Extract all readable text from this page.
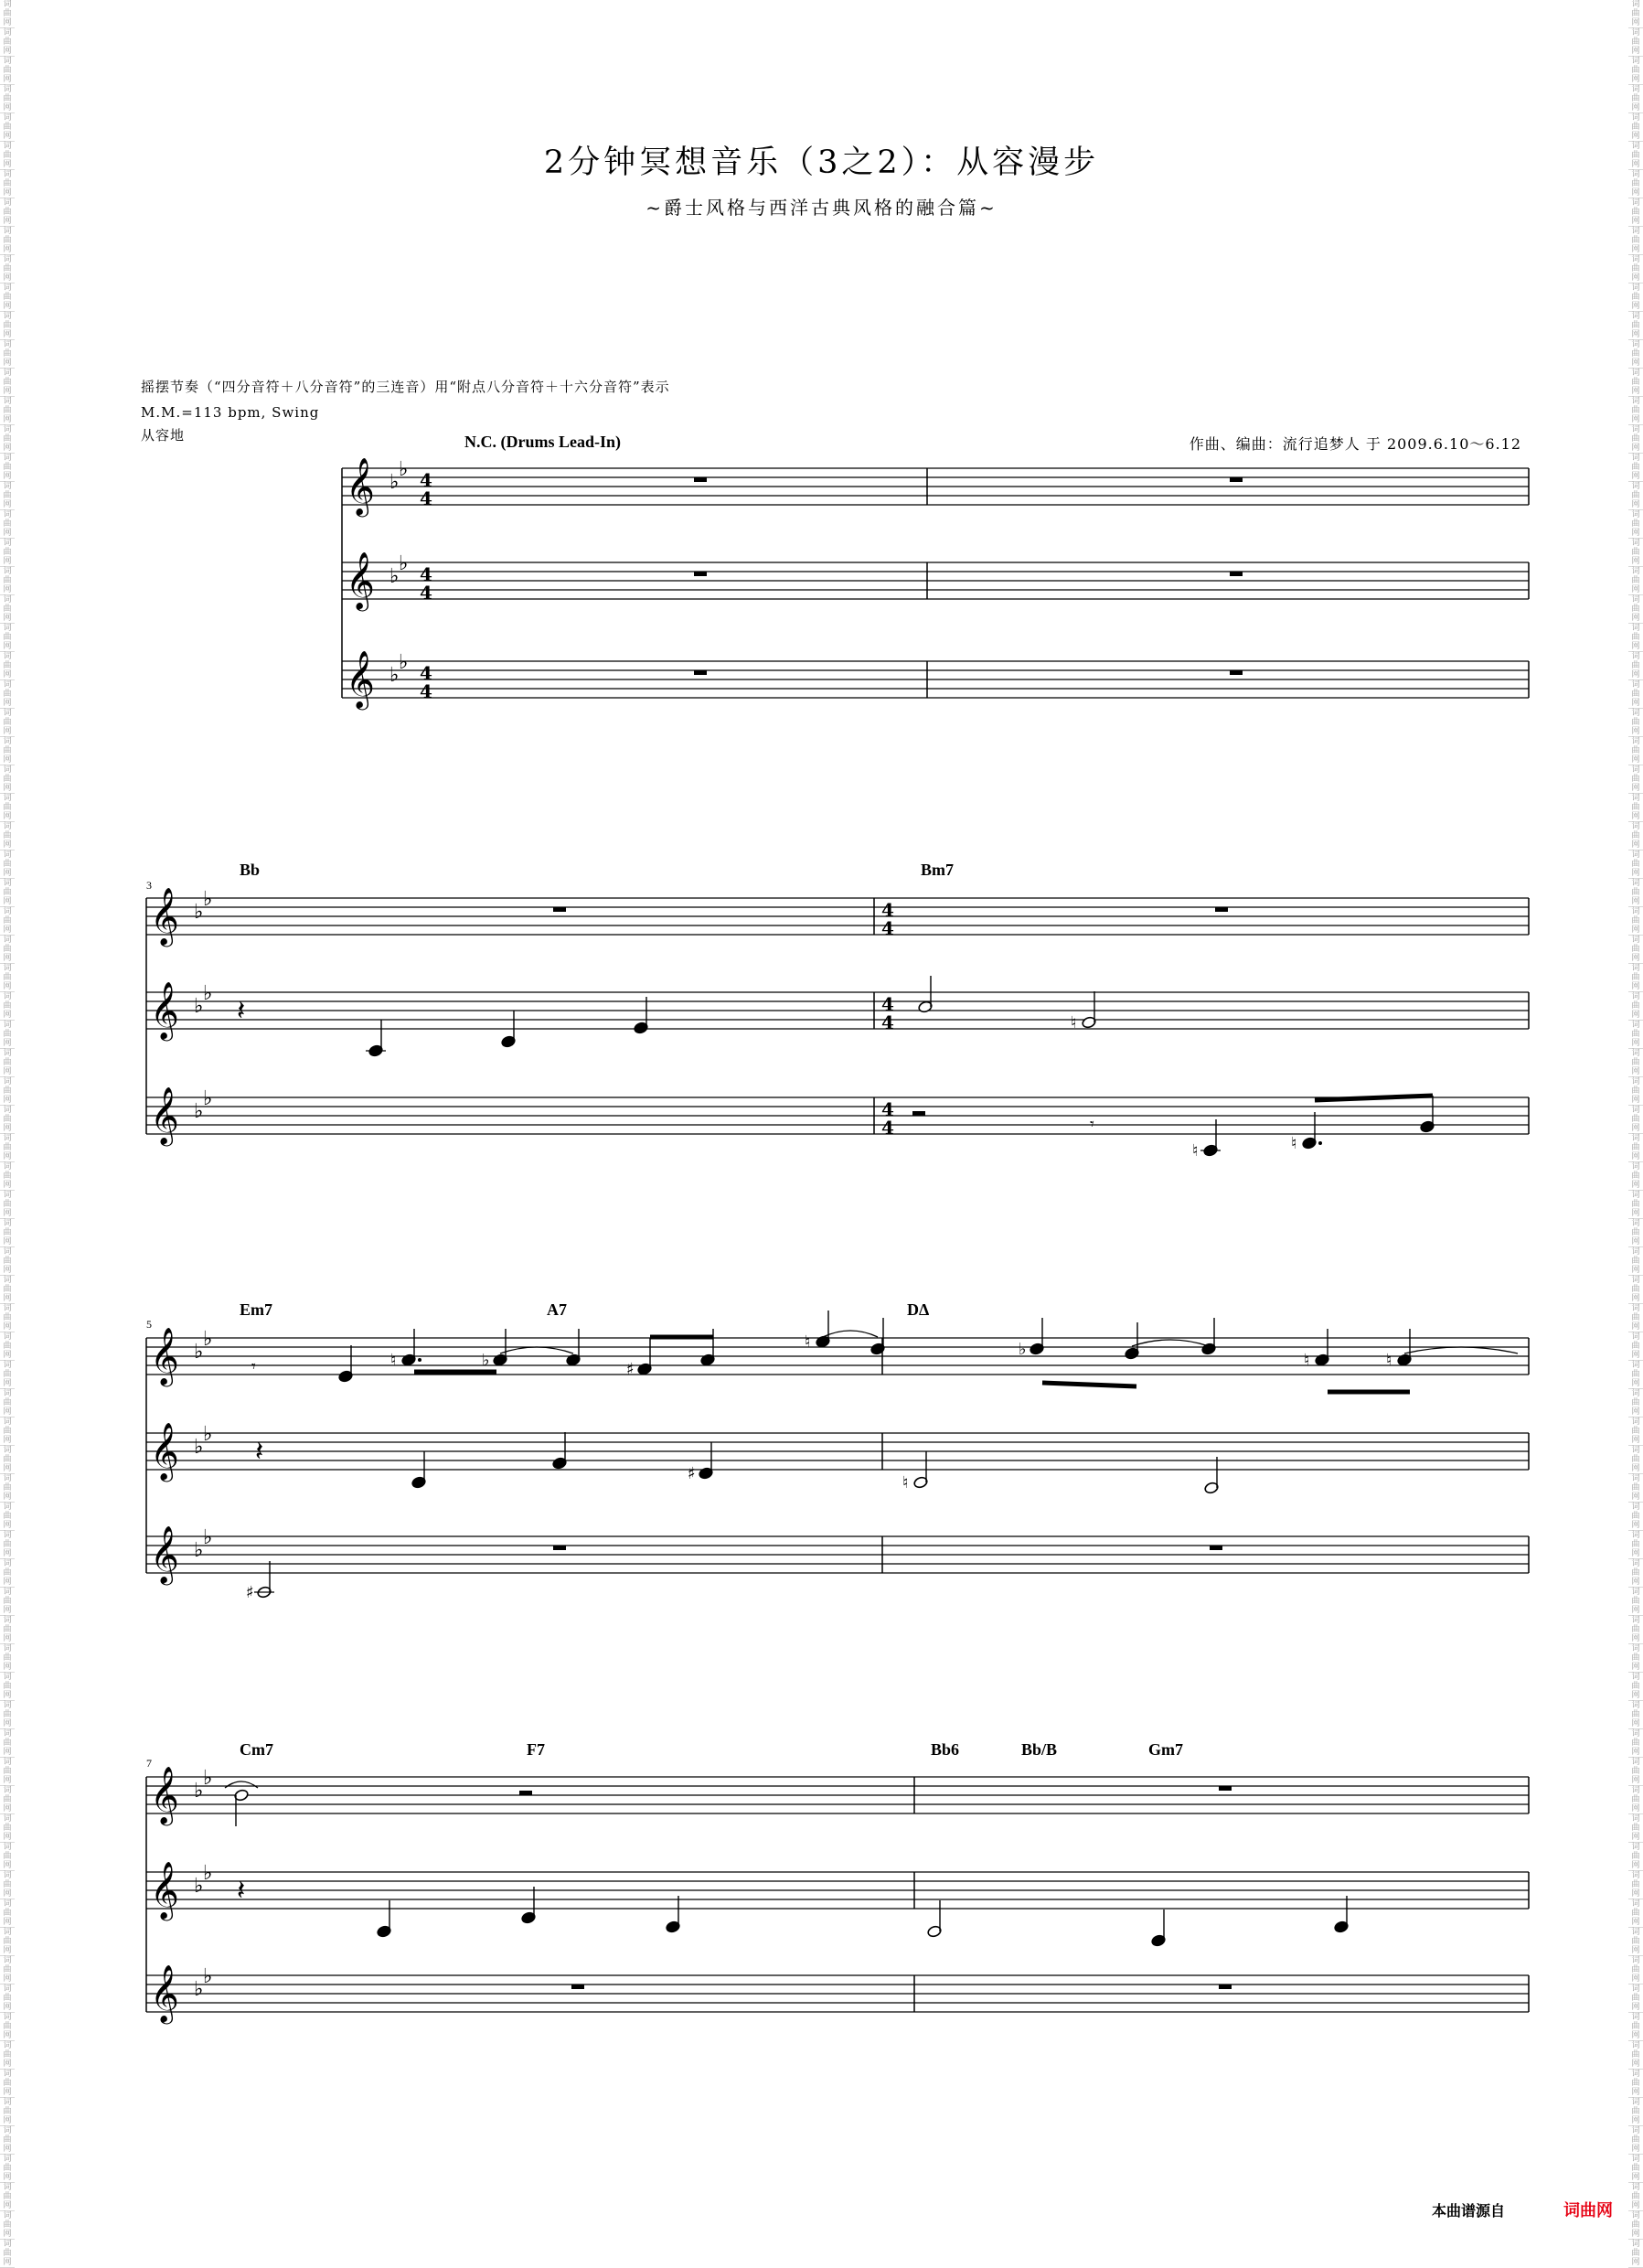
词
曲
网
词
曲
网
词
曲
网
词
曲
网
词
曲
网
词
曲
网
词
曲
网
词
曲
网
词
曲
网
词
曲
网
词
曲
网
词
曲
网
词
曲
网
词
曲
网
词
曲
网
词
曲
网
词
曲
网
词
曲
网
词
曲
网
词
曲
网
词
曲
网
词
曲
网
词
曲
网
词
曲
网
词
曲
网
词
曲
网
词
曲
网
词
曲
网
词
曲
网
词
曲
网
词
曲
网
词
曲
网
词
曲
网
词
曲
网
词
曲
网
词
曲
网
词
曲
网
词
曲
网
词
曲
网
词
曲
网
词
曲
网
词
曲
网
词
曲
网
词
曲
网
词
曲
网
词
曲
网
词
曲
网
词
曲
网
词
曲
网
词
曲
网
词
曲
网
词
曲
网
词
曲
网
词
曲
网
词
曲
网
词
曲
网
词
曲
网
词
曲
网
词
曲
网
词
曲
网
词
曲
网
词
曲
网
词
曲
网
词
曲
网
词
曲
网
词
曲
网
词
曲
网
词
曲
网
词
曲
网
词
曲
网
词
曲
网
词
曲
网
词
曲
网
词
曲
网
词
曲
网
词
曲
网
词
曲
网
词
曲
网
词
曲
网
词
曲
网
词
曲
网
词
曲
网
词
曲
网
词
曲
网
词
曲
网
词
曲
网
词
曲
网
词
曲
网
词
曲
网
词
曲
网
词
曲
网
词
曲
网
词
曲
网
词
曲
网
词
曲
网
词
曲
网
词
曲
网
词
曲
网
词
曲
网
词
曲
网
词
曲
网
词
曲
网
词
曲
网
词
曲
网
词
曲
网
词
曲
网
词
曲
网
词
曲
网
词
曲
网
词
曲
网
词
曲
网
词
曲
网
词
曲
网
词
曲
网
词
曲
网
词
曲
网
词
曲
网
词
曲
网
词
曲
网
词
曲
网
词
曲
网
词
曲
网
词
曲
网
词
曲
网
词
曲
网
词
曲
网
词
曲
网
词
曲
网
词
曲
网
词
曲
网
词
曲
网
词
曲
网
词
曲
网
词
曲
网
词
曲
网
词
曲
网
词
曲
网
词
曲
网
词
曲
网
词
曲
网
词
曲
网
词
曲
网
词
曲
网
词
曲
网
词
曲
网
词
曲
网
词
曲
网
词
曲
网
词
曲
网
词
曲
网
词
曲
网
词
曲
网
词
曲
网
词
曲
网
词
曲
网
词
曲
网
词
曲
网
词
曲
网
词
曲
网
词
曲
网
2分钟冥想音乐（3之2）：从容漫步
~爵士风格与西洋古典风格的融合篇~
摇摆节奏（“四分音符＋八分音符”的三连音）用“附点八分音符＋十六分音符”表示
M.M.=113 bpm, Swing
从容地	作曲、编曲：流行追梦人 于 2009.6.10～6.12
N.C. (Drums Lead-In)
3
Bb	Bm7
5
Em7	A7	DΔ
7
Cm7	F7	Bb6	Bb/B	Gm7
𝄞 ♭
♭ 4
4
𝄞 ♭
♭ 4
4
𝄞 ♭
♭ 4
4
𝄞 ♭
♭	4
4
𝄞 ♭
♭	4
4
𝄞 ♭
♭	4
4
𝄽	♮
𝄾
♮	♮
𝄞 ♭
♭
𝄞 ♭
♭
𝄞 ♭
♭
𝄾	♮	♭	♯
♮	♭
♮	♮
𝄽
♯	♮
♯
𝄞 ♭
♭
𝄞 ♭
♭
𝄞 ♭
♭
𝄽
本曲谱源自	词曲网
